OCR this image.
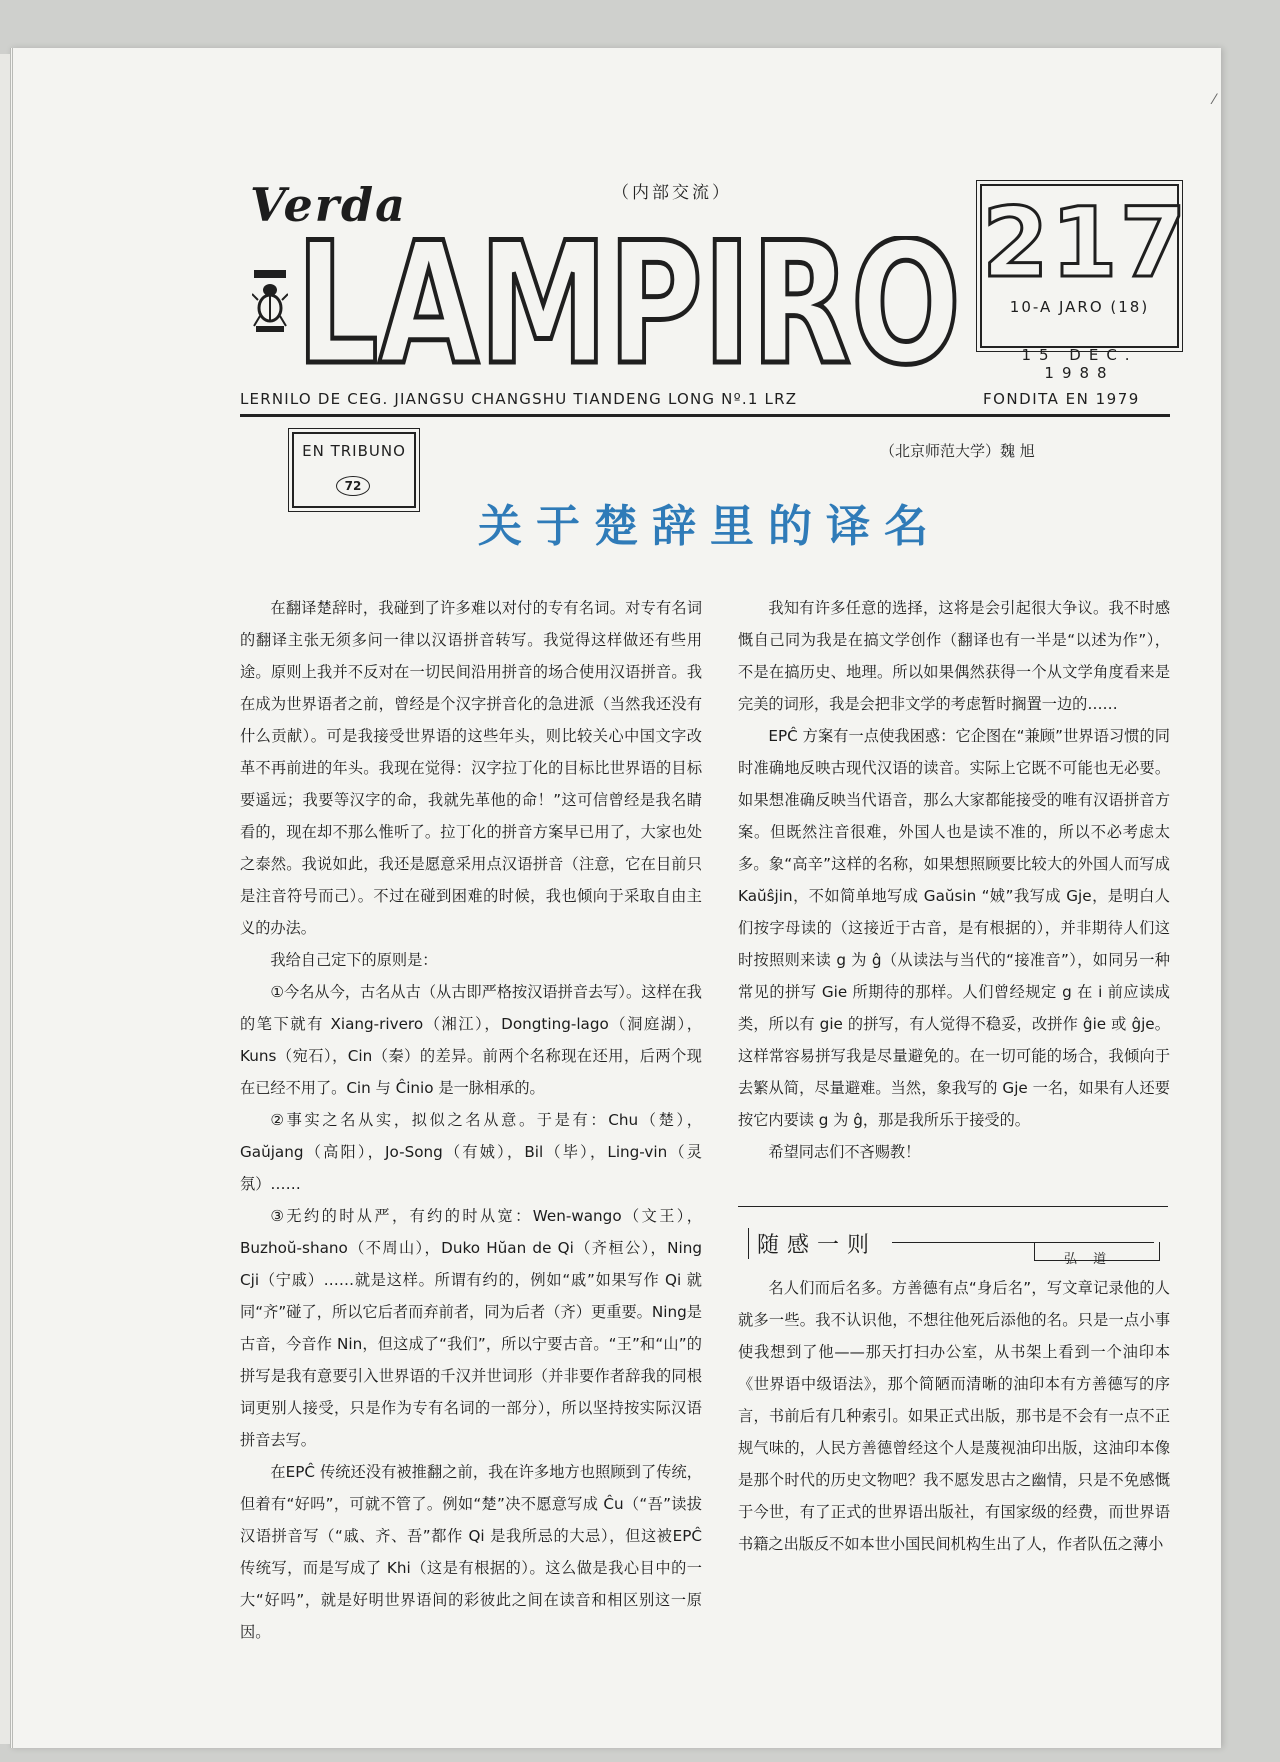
⁄
Verda	（内部交流）
LAMPIRO 217
10-A JARO (18)
15 DEC. 1988
LERNILO DE CEG. JIANGSU CHANGSHU TIANDENG LONG Nº.1 LRZ	FONDITA EN 1979
EN TRIBUNO
72
（北京师范大学）魏 旭
关于楚辞里的译名

在翻译楚辞时，我碰到了许多难以对付的专有名词。对专有名词的翻译主张无须多问一律以汉语拼音转写。我觉得这样做还有些用途。原则上我并不反对在一切民间沿用拼音的场合使用汉语拼音。我在成为世界语者之前，曾经是个汉字拼音化的急进派（当然我还没有什么贡献）。可是我接受世界语的这些年头，则比较关心中国文字改革不再前进的年头。我现在觉得：汉字拉丁化的目标比世界语的目标要遥远；我要等汉字的命，我就先革他的命！”这可信曾经是我名睛看的，现在却不那么惟听了。拉丁化的拼音方案早已用了，大家也处之泰然。我说如此，我还是愿意采用点汉语拼音（注意，它在目前只是注音符号而己）。不过在碰到困难的时候，我也倾向于采取自由主义的办法。

我给自己定下的原则是：

①今名从今，古名从古（从古即严格按汉语拼音去写）。这样在我的笔下就有 Xiang-rivero（湘江），Dongting-lago（洞庭湖），Kuns（宛石），Cin（秦）的差异。前两个名称现在还用，后两个现在已经不用了。Cin 与 Ĉinio 是一脉相承的。

②事实之名从实，拟似之名从意。于是有：Chu（楚），Gaŭjang（高阳），Jo-Song（有娀），Bil（毕），Ling-vin（灵氛）……

③无约的时从严，有约的时从宽：Wen-wango（文王），Buzhoŭ-shano（不周山），Duko Hŭan de Qi（齐桓公），Ning Cji（宁戚）……就是这样。所谓有约的，例如“戚”如果写作 Qi 就同“齐”碰了，所以它后者而弃前者，同为后者（齐）更重要。Ning是古音，今音作 Nin，但这成了“我们”，所以宁要古音。“王”和“山”的拼写是我有意要引入世界语的千汉并世词形（并非要作者辞我的同根词更别人接受，只是作为专有名词的一部分），所以坚持按实际汉语拼音去写。

在EPĈ 传统还没有被推翻之前，我在许多地方也照顾到了传统，但着有“好吗”，可就不管了。例如“楚”决不愿意写成 Ĉu（“吾”读拔汉语拼音写（“戚、齐、吾”都作 Qi 是我所忌的大忌），但这被EPĈ 传统写，而是写成了 Khi（这是有根据的）。这么做是我心目中的一大“好吗”，就是好明世界语间的彩彼此之间在读音和相区别这一原因。

我知有许多任意的选择，这将是会引起很大争议。我不时感慨自己同为我是在搞文学创作（翻译也有一半是“以述为作”），不是在搞历史、地理。所以如果偶然获得一个从文学角度看来是完美的词形，我是会把非文学的考虑暂时搁置一边的……

EPĈ 方案有一点使我困惑：它企图在“兼顾”世界语习惯的同时准确地反映古现代汉语的读音。实际上它既不可能也无必要。如果想准确反映当代语音，那么大家都能接受的唯有汉语拼音方案。但既然注音很难，外国人也是读不准的，所以不必考虑太多。象“高辛”这样的名称，如果想照顾要比较大的外国人而写成 Kaŭŝjin，不如简单地写成 Gaŭsin “娀”我写成 Gje，是明白人们按字母读的（这接近于古音，是有根据的），并非期待人们这时按照则来读 g 为 ĝ（从读法与当代的“接准音”），如同另一种常见的拼写 Gie 所期待的那样。人们曾经规定 g 在 i 前应读成类，所以有 gie 的拼写，有人觉得不稳妥，改拼作 ĝie 或 ĝje。这样常容易拼写我是尽量避免的。在一切可能的场合，我倾向于去繁从简，尽量避难。当然，象我写的 Gje 一名，如果有人还要按它内要读 g 为 ĝ，那是我所乐于接受的。

希望同志们不吝赐教！

随感一则
弘 道

名人们而后名多。方善德有点“身后名”，写文章记录他的人就多一些。我不认识他，不想往他死后添他的名。只是一点小事使我想到了他——那天打扫办公室，从书架上看到一个油印本《世界语中级语法》，那个简陋而清晰的油印本有方善德写的序言，书前后有几种索引。如果正式出版，那书是不会有一点不正规气味的，人民方善德曾经这个人是蔑视油印出版，这油印本像是那个时代的历史文物吧？我不愿发思古之幽情，只是不免感慨于今世，有了正式的世界语出版社，有国家级的经费，而世界语书籍之出版反不如本世小国民间机构生出了人，作者队伍之薄小
